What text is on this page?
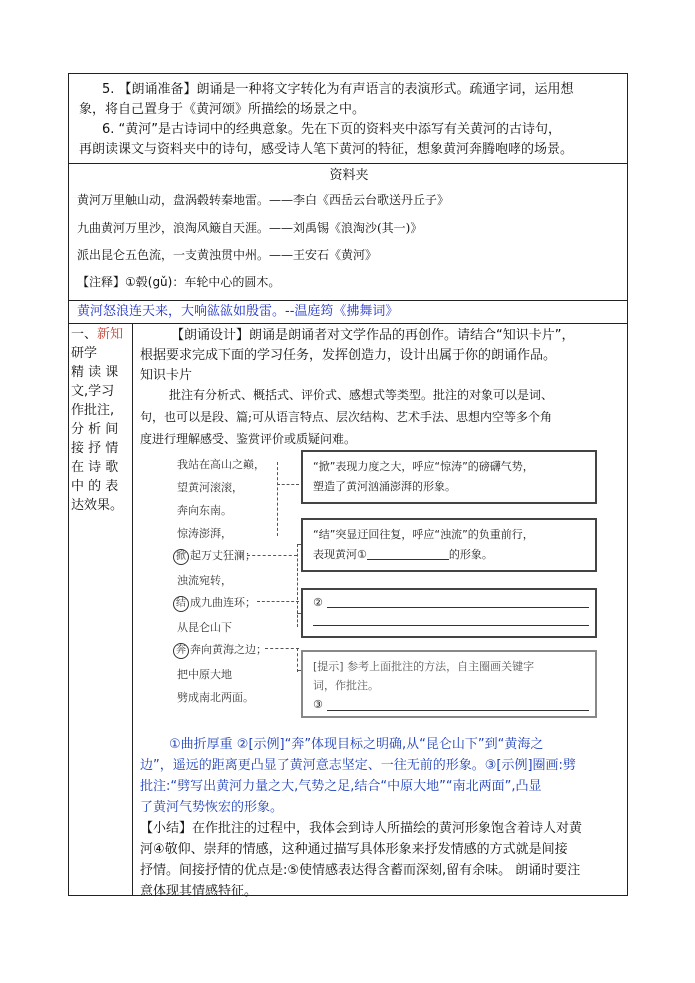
5. 【朗诵准备】朗诵是一种将文字转化为有声语言的表演形式。疏通字词，运用想
象，将自己置身于《黄河颂》所描绘的场景之中。
6. “黄河”是古诗词中的经典意象。先在下页的资料夹中添写有关黄河的古诗句，
再朗读课文与资料夹中的诗句，感受诗人笔下黄河的特征，想象黄河奔腾咆哮的场景。
资料夹
黄河万里触山动，盘涡毂转秦地雷。——李白《西岳云台歌送丹丘子》
九曲黄河万里沙，浪淘风簸自天涯。——刘禹锡《浪淘沙(其一)》
派出昆仑五色流，一支黄浊贯中州。——王安石《黄河》
【注释】①毂(gǔ)：车轮中心的圆木。
黄河怒浪连天来，大响谹谹如殷雷。--温庭筠《拂舞词》
一、新知
研学
精 读 课
文,学习
作批注,
分 析 间
接 抒 情
在 诗 歌
中 的 表
达效果。
【朗诵设计】朗诵是朗诵者对文学作品的再创作。请结合“知识卡片”，
根据要求完成下面的学习任务，发挥创造力，设计出属于你的朗诵作品。
知识卡片
批注有分析式、概括式、评价式、感想式等类型。批注的对象可以是词、
句，也可以是段、篇;可从语言特点、层次结构、艺术手法、思想内空等多个角
度进行理解感受、鉴赏评价或质疑问难。
①曲折厚重 ②[示例]“奔”体现目标之明确,从“昆仑山下”到“黄海之
边”，遥远的距离更凸显了黄河意志坚定、一往无前的形象。③[示例]圈画:劈
批注:“劈写出黄河力量之大,气势之足,结合“中原大地”“南北两面”,凸显
了黄河气势恢宏的形象。
【小结】在作批注的过程中，我体会到诗人所描绘的黄河形象饱含着诗人对黄
河④敬仰、崇拜的情感，这种通过描写具体形象来抒发情感的方式就是间接
抒情。间接抒情的优点是:⑤使情感表达得含蓄而深刻,留有余味。 朗诵时要注
意体现其情感特征。
我站在高山之巅，
望黄河滚滚，
奔向东南。
惊涛澎湃，
掀 起万丈狂澜；
浊流宛转，
结 成九曲连环；
从昆仑山下
奔 奔向黄海之边；
把中原大地
劈成南北两面。
“掀”表现力度之大，呼应“惊涛”的磅礴气势，
塑造了黄河汹涌澎湃的形象。
“结”突显迂回往复，呼应“浊流”的负重前行，
表现黄河①	的形象。
②
[提示] 参考上面批注的方法，自主圈画关键字
词，作批注。
③
